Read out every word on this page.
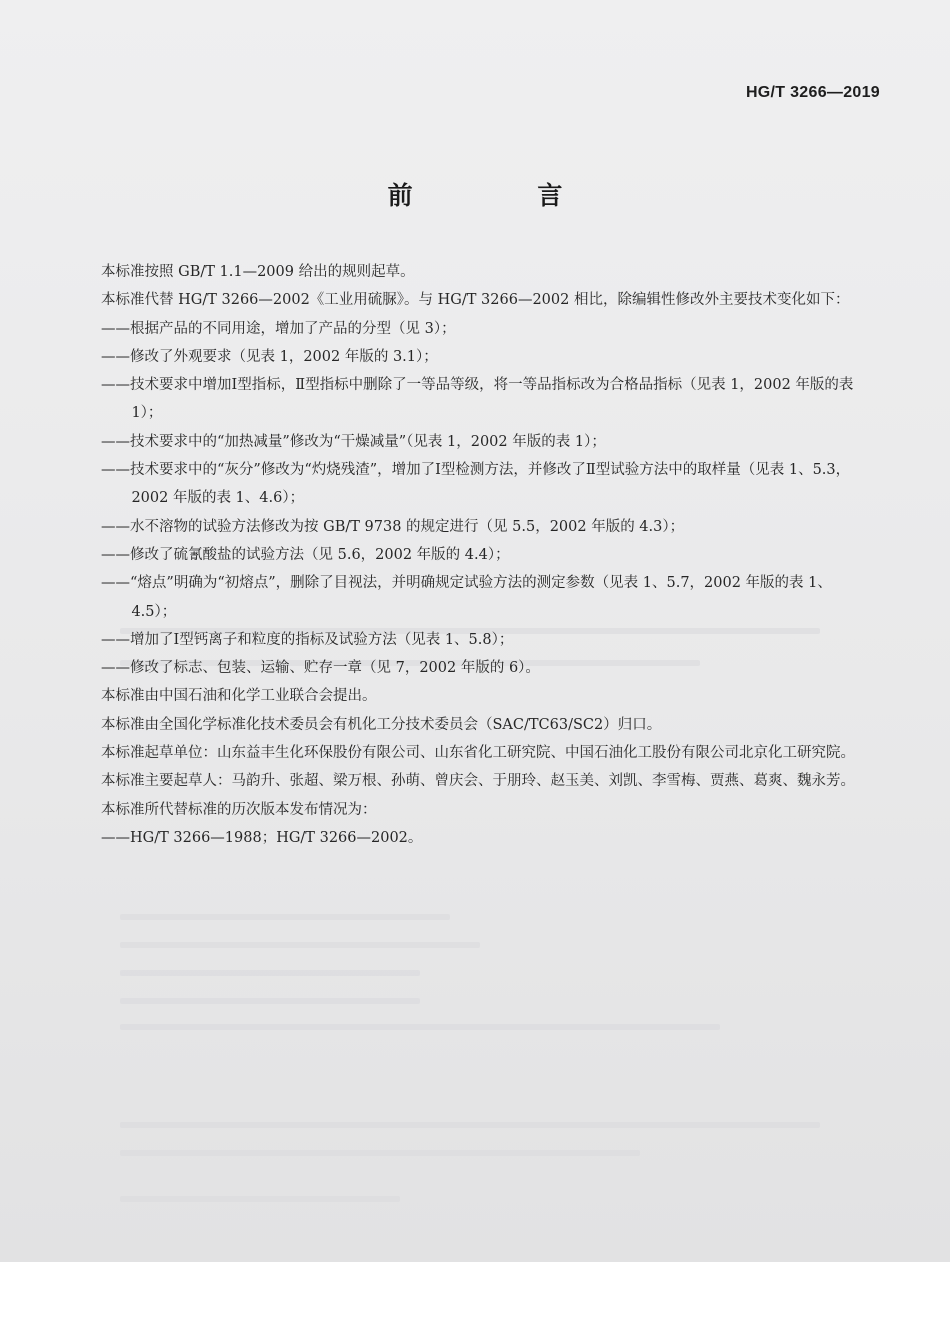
HG/T 3266—2019
前 言

本标准按照 GB/T 1.1—2009 给出的规则起草。

本标准代替 HG/T 3266—2002《工业用硫脲》。与 HG/T 3266—2002 相比，除编辑性修改外主要技术变化如下：

——根据产品的不同用途，增加了产品的分型（见 3）；

——修改了外观要求（见表 1，2002 年版的 3.1）；

——技术要求中增加Ⅰ型指标，Ⅱ型指标中删除了一等品等级，将一等品指标改为合格品指标（见表 1，2002 年版的表 1）；

——技术要求中的“加热减量”修改为“干燥减量”（见表 1，2002 年版的表 1）；

——技术要求中的“灰分”修改为“灼烧残渣”，增加了Ⅰ型检测方法，并修改了Ⅱ型试验方法中的取样量（见表 1、5.3，2002 年版的表 1、4.6）；

——水不溶物的试验方法修改为按 GB/T 9738 的规定进行（见 5.5，2002 年版的 4.3）；

——修改了硫氰酸盐的试验方法（见 5.6，2002 年版的 4.4）；

——“熔点”明确为“初熔点”，删除了目视法，并明确规定试验方法的测定参数（见表 1、5.7，2002 年版的表 1、4.5）；

——增加了Ⅰ型钙离子和粒度的指标及试验方法（见表 1、5.8）；

——修改了标志、包装、运输、贮存一章（见 7，2002 年版的 6）。

本标准由中国石油和化学工业联合会提出。

本标准由全国化学标准化技术委员会有机化工分技术委员会（SAC/TC63/SC2）归口。

本标准起草单位：山东益丰生化环保股份有限公司、山东省化工研究院、中国石油化工股份有限公司北京化工研究院。

本标准主要起草人：马韵升、张超、梁万根、孙萌、曾庆会、于朋玲、赵玉美、刘凯、李雪梅、贾燕、葛爽、魏永芳。

本标准所代替标准的历次版本发布情况为：

——HG/T 3266—1988；HG/T 3266—2002。
